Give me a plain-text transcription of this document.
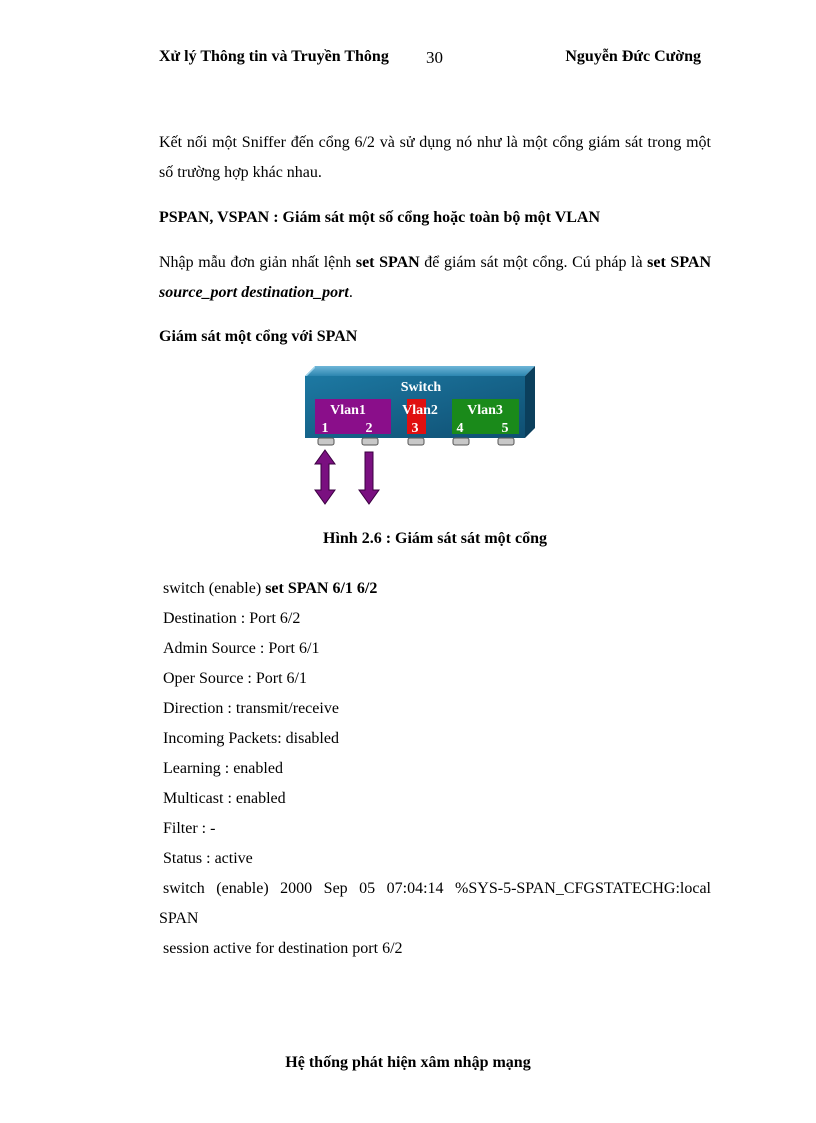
Xử lý Thông tin và Truyền Thông 30	Nguyễn Đức Cường

Kết nối một Sniffer đến cổng 6/2 và sử dụng nó như là một cổng giám sát trong một số trường hợp khác nhau.

PSPAN, VSPAN : Giám sát một số cổng hoặc toàn bộ một VLAN

Nhập mẫu đơn giản nhất lệnh set SPAN để giám sát một cổng. Cú pháp là set SPAN source_port destination_port.

Giám sát một cổng với SPAN

Switch
Vlan1	Vlan2 Vlan3
1	2	3	4	5

Hình 2.6 : Giám sát sát một cổng

switch (enable) set SPAN 6/1 6/2

Destination : Port 6/2

Admin Source : Port 6/1

Oper Source : Port 6/1

Direction : transmit/receive

Incoming Packets: disabled

Learning : enabled

Multicast : enabled

Filter : -

Status : active

switch (enable) 2000 Sep 05 07:04:14 %SYS-5-SPAN_CFGSTATECHG:local

SPAN

session active for destination port 6/2

Hệ thống phát hiện xâm nhập mạng
